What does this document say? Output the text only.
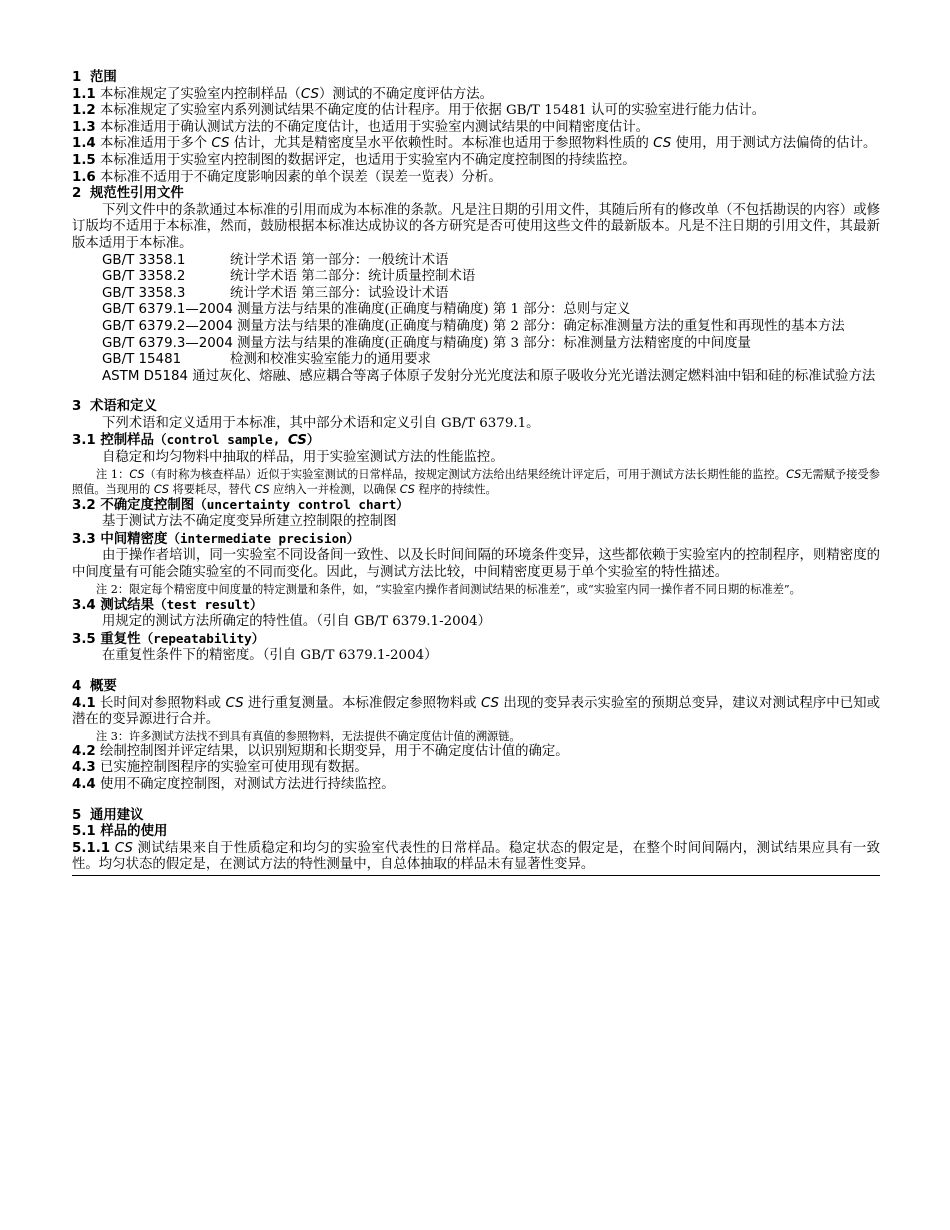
1 范围

1.1 本标准规定了实验室内控制样品（CS）测试的不确定度评估方法。

1.2 本标准规定了实验室内系列测试结果不确定度的估计程序。用于依据 GB/T 15481 认可的实验室进行能力估计。

1.3 本标准适用于确认测试方法的不确定度估计，也适用于实验室内测试结果的中间精密度估计。

1.4 本标准适用于多个 CS 估计，尤其是精密度呈水平依赖性时。本标准也适用于参照物料性质的 CS 使用，用于测试方法偏倚的估计。

1.5 本标准适用于实验室内控制图的数据评定，也适用于实验室内不确定度控制图的持续监控。

1.6 本标准不适用于不确定度影响因素的单个误差（误差一览表）分析。

2 规范性引用文件

下列文件中的条款通过本标准的引用而成为本标准的条款。凡是注日期的引用文件，其随后所有的修改单（不包括勘误的内容）或修订版均不适用于本标准，然而，鼓励根据本标准达成协议的各方研究是否可使用这些文件的最新版本。凡是不注日期的引用文件，其最新版本适用于本标准。

GB/T 3358.1	统计学术语 第一部分：一般统计术语

GB/T 3358.2	统计学术语 第二部分：统计质量控制术语

GB/T 3358.3	统计学术语 第三部分：试验设计术语

GB/T 6379.1—2004 测量方法与结果的准确度(正确度与精确度) 第 1 部分：总则与定义

GB/T 6379.2—2004 测量方法与结果的准确度(正确度与精确度) 第 2 部分：确定标准测量方法的重复性和再现性的基本方法

GB/T 6379.3—2004 测量方法与结果的准确度(正确度与精确度) 第 3 部分：标准测量方法精密度的中间度量

GB/T 15481	检测和校准实验室能力的通用要求

ASTM D5184 通过灰化、熔融、感应耦合等离子体原子发射分光光度法和原子吸收分光光谱法测定燃料油中铝和硅的标准试验方法

3 术语和定义

下列术语和定义适用于本标准，其中部分术语和定义引自 GB/T 6379.1。

3.1 控制样品（control sample, CS）

自稳定和均匀物料中抽取的样品，用于实验室测试方法的性能监控。

注 1：CS（有时称为核查样品）近似于实验室测试的日常样品，按规定测试方法给出结果经统计评定后，可用于测试方法长期性能的监控。CS无需赋予接受参照值。当现用的 CS 将要耗尽，替代 CS 应纳入一并检测，以确保 CS 程序的持续性。

3.2 不确定度控制图（uncertainty control chart）

基于测试方法不确定度变异所建立控制限的控制图

3.3 中间精密度（intermediate precision）

由于操作者培训，同一实验室不同设备间一致性、以及长时间间隔的环境条件变异，这些都依赖于实验室内的控制程序，则精密度的中间度量有可能会随实验室的不同而变化。因此，与测试方法比较，中间精密度更易于单个实验室的特性描述。

注 2：限定每个精密度中间度量的特定测量和条件，如，“实验室内操作者间测试结果的标准差”，或“实验室内同一操作者不同日期的标准差”。

3.4 测试结果（test result）

用规定的测试方法所确定的特性值。（引自 GB/T 6379.1-2004）

3.5 重复性（repeatability）

在重复性条件下的精密度。（引自 GB/T 6379.1-2004）

4 概要

4.1 长时间对参照物料或 CS 进行重复测量。本标准假定参照物料或 CS 出现的变异表示实验室的预期总变异，建议对测试程序中已知或潜在的变异源进行合并。

注 3：许多测试方法找不到具有真值的参照物料，无法提供不确定度估计值的溯源链。

4.2 绘制控制图并评定结果，以识别短期和长期变异，用于不确定度估计值的确定。

4.3 已实施控制图程序的实验室可使用现有数据。

4.4 使用不确定度控制图，对测试方法进行持续监控。

5 通用建议

5.1 样品的使用

5.1.1 CS 测试结果来自于性质稳定和均匀的实验室代表性的日常样品。稳定状态的假定是，在整个时间间隔内，测试结果应具有一致性。均匀状态的假定是，在测试方法的特性测量中，自总体抽取的样品未有显著性变异。
